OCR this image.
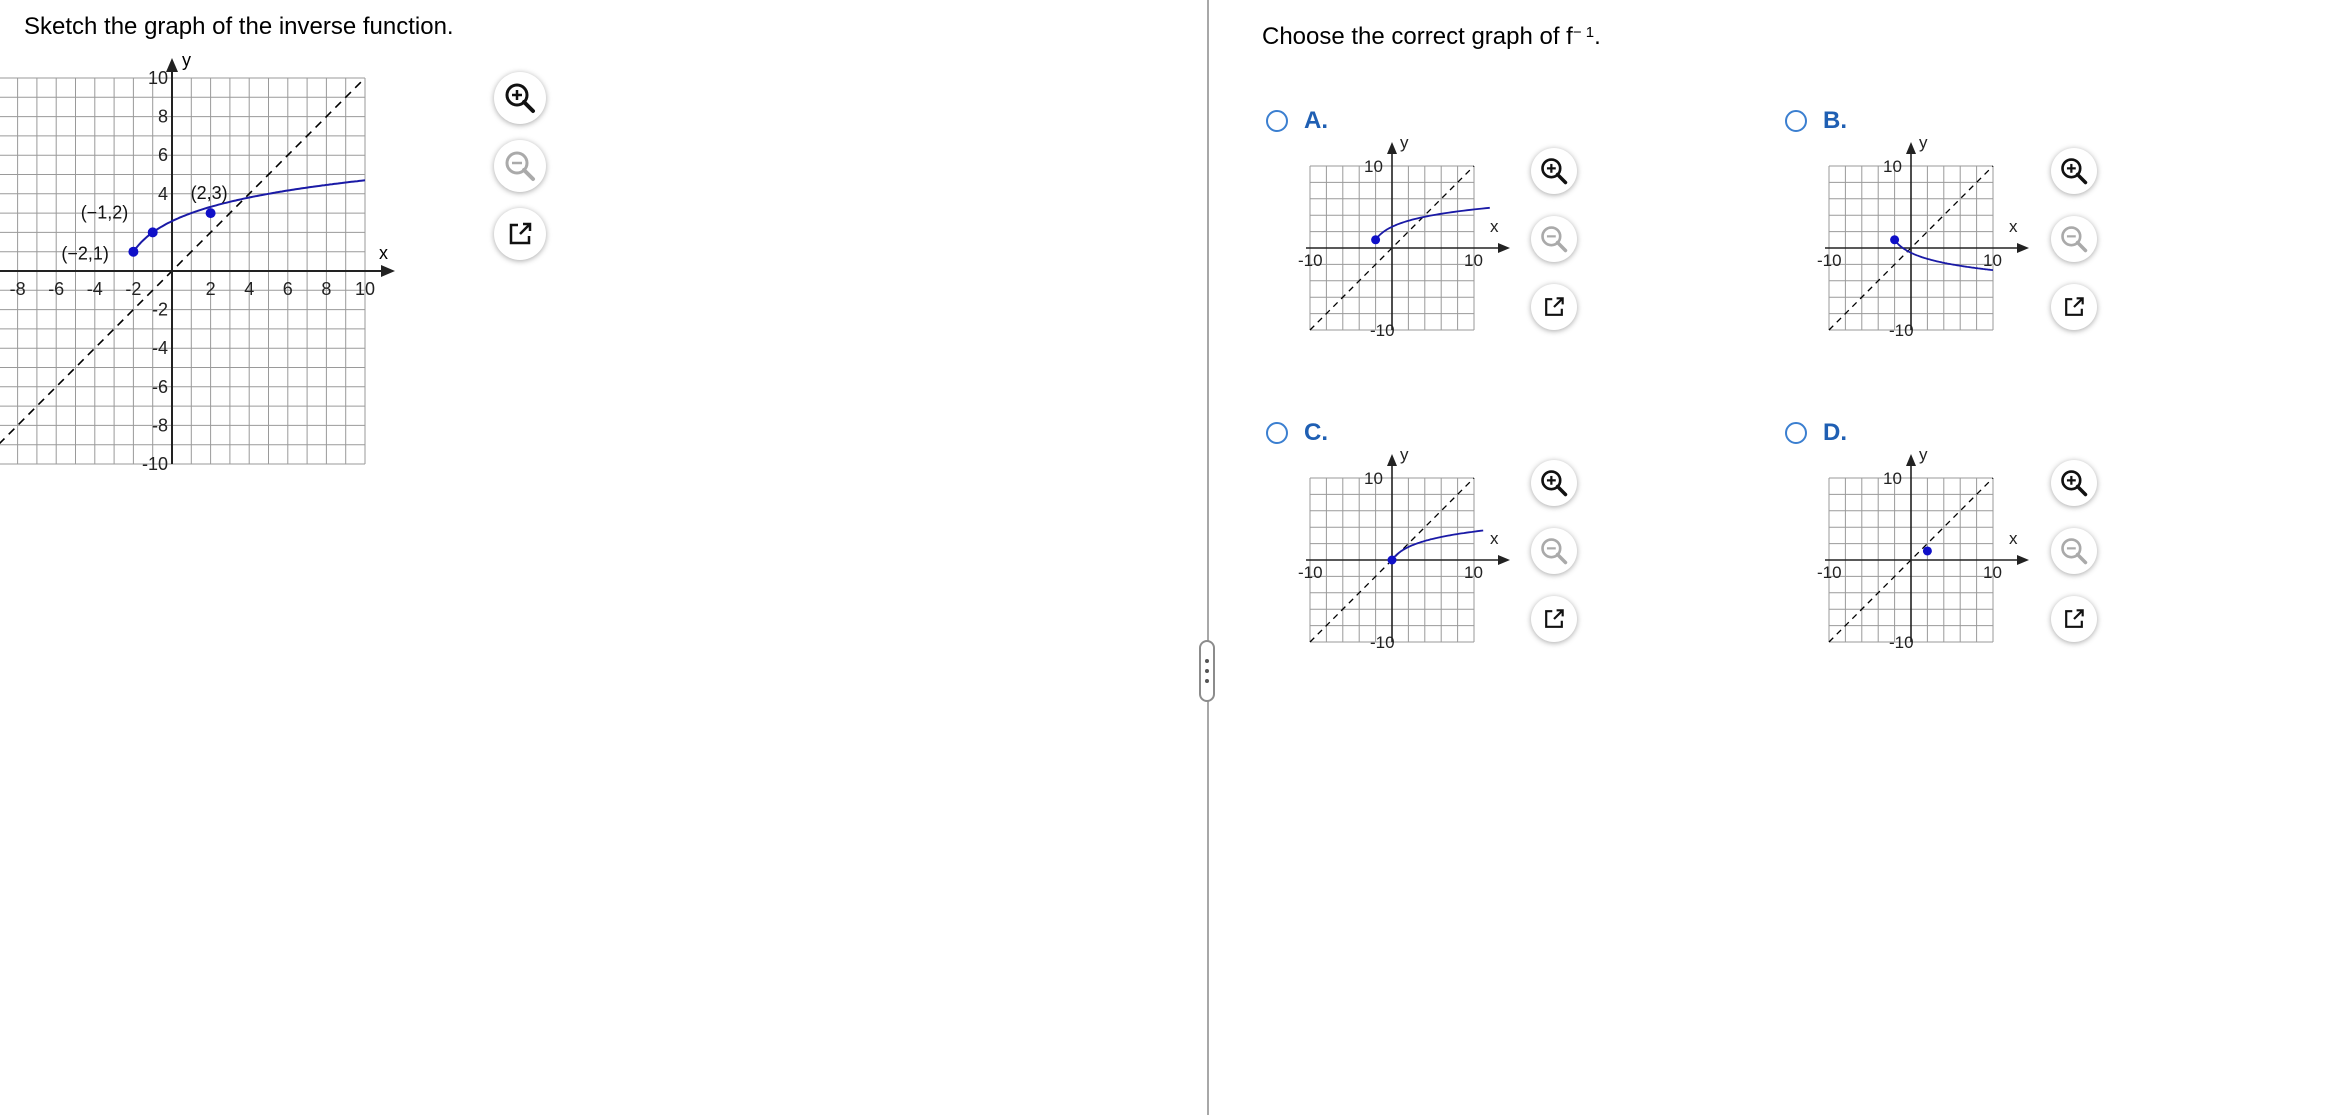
Sketch the graph of the inverse function.
x
y
-8 -6 -4 -2	2 4 6 8 10
10
8
6
4
-2
-4
-6
-8
-10
(−2,1)
(−1,2)
(2,3)
Choose the correct graph of $f^{- 1}$.
A.
x
y
-10	10
10
-10
B.
x
y
-10	10
10
-10
C.
x
y
-10	10
10
-10
D.
x
y
-10	10
10
-10
